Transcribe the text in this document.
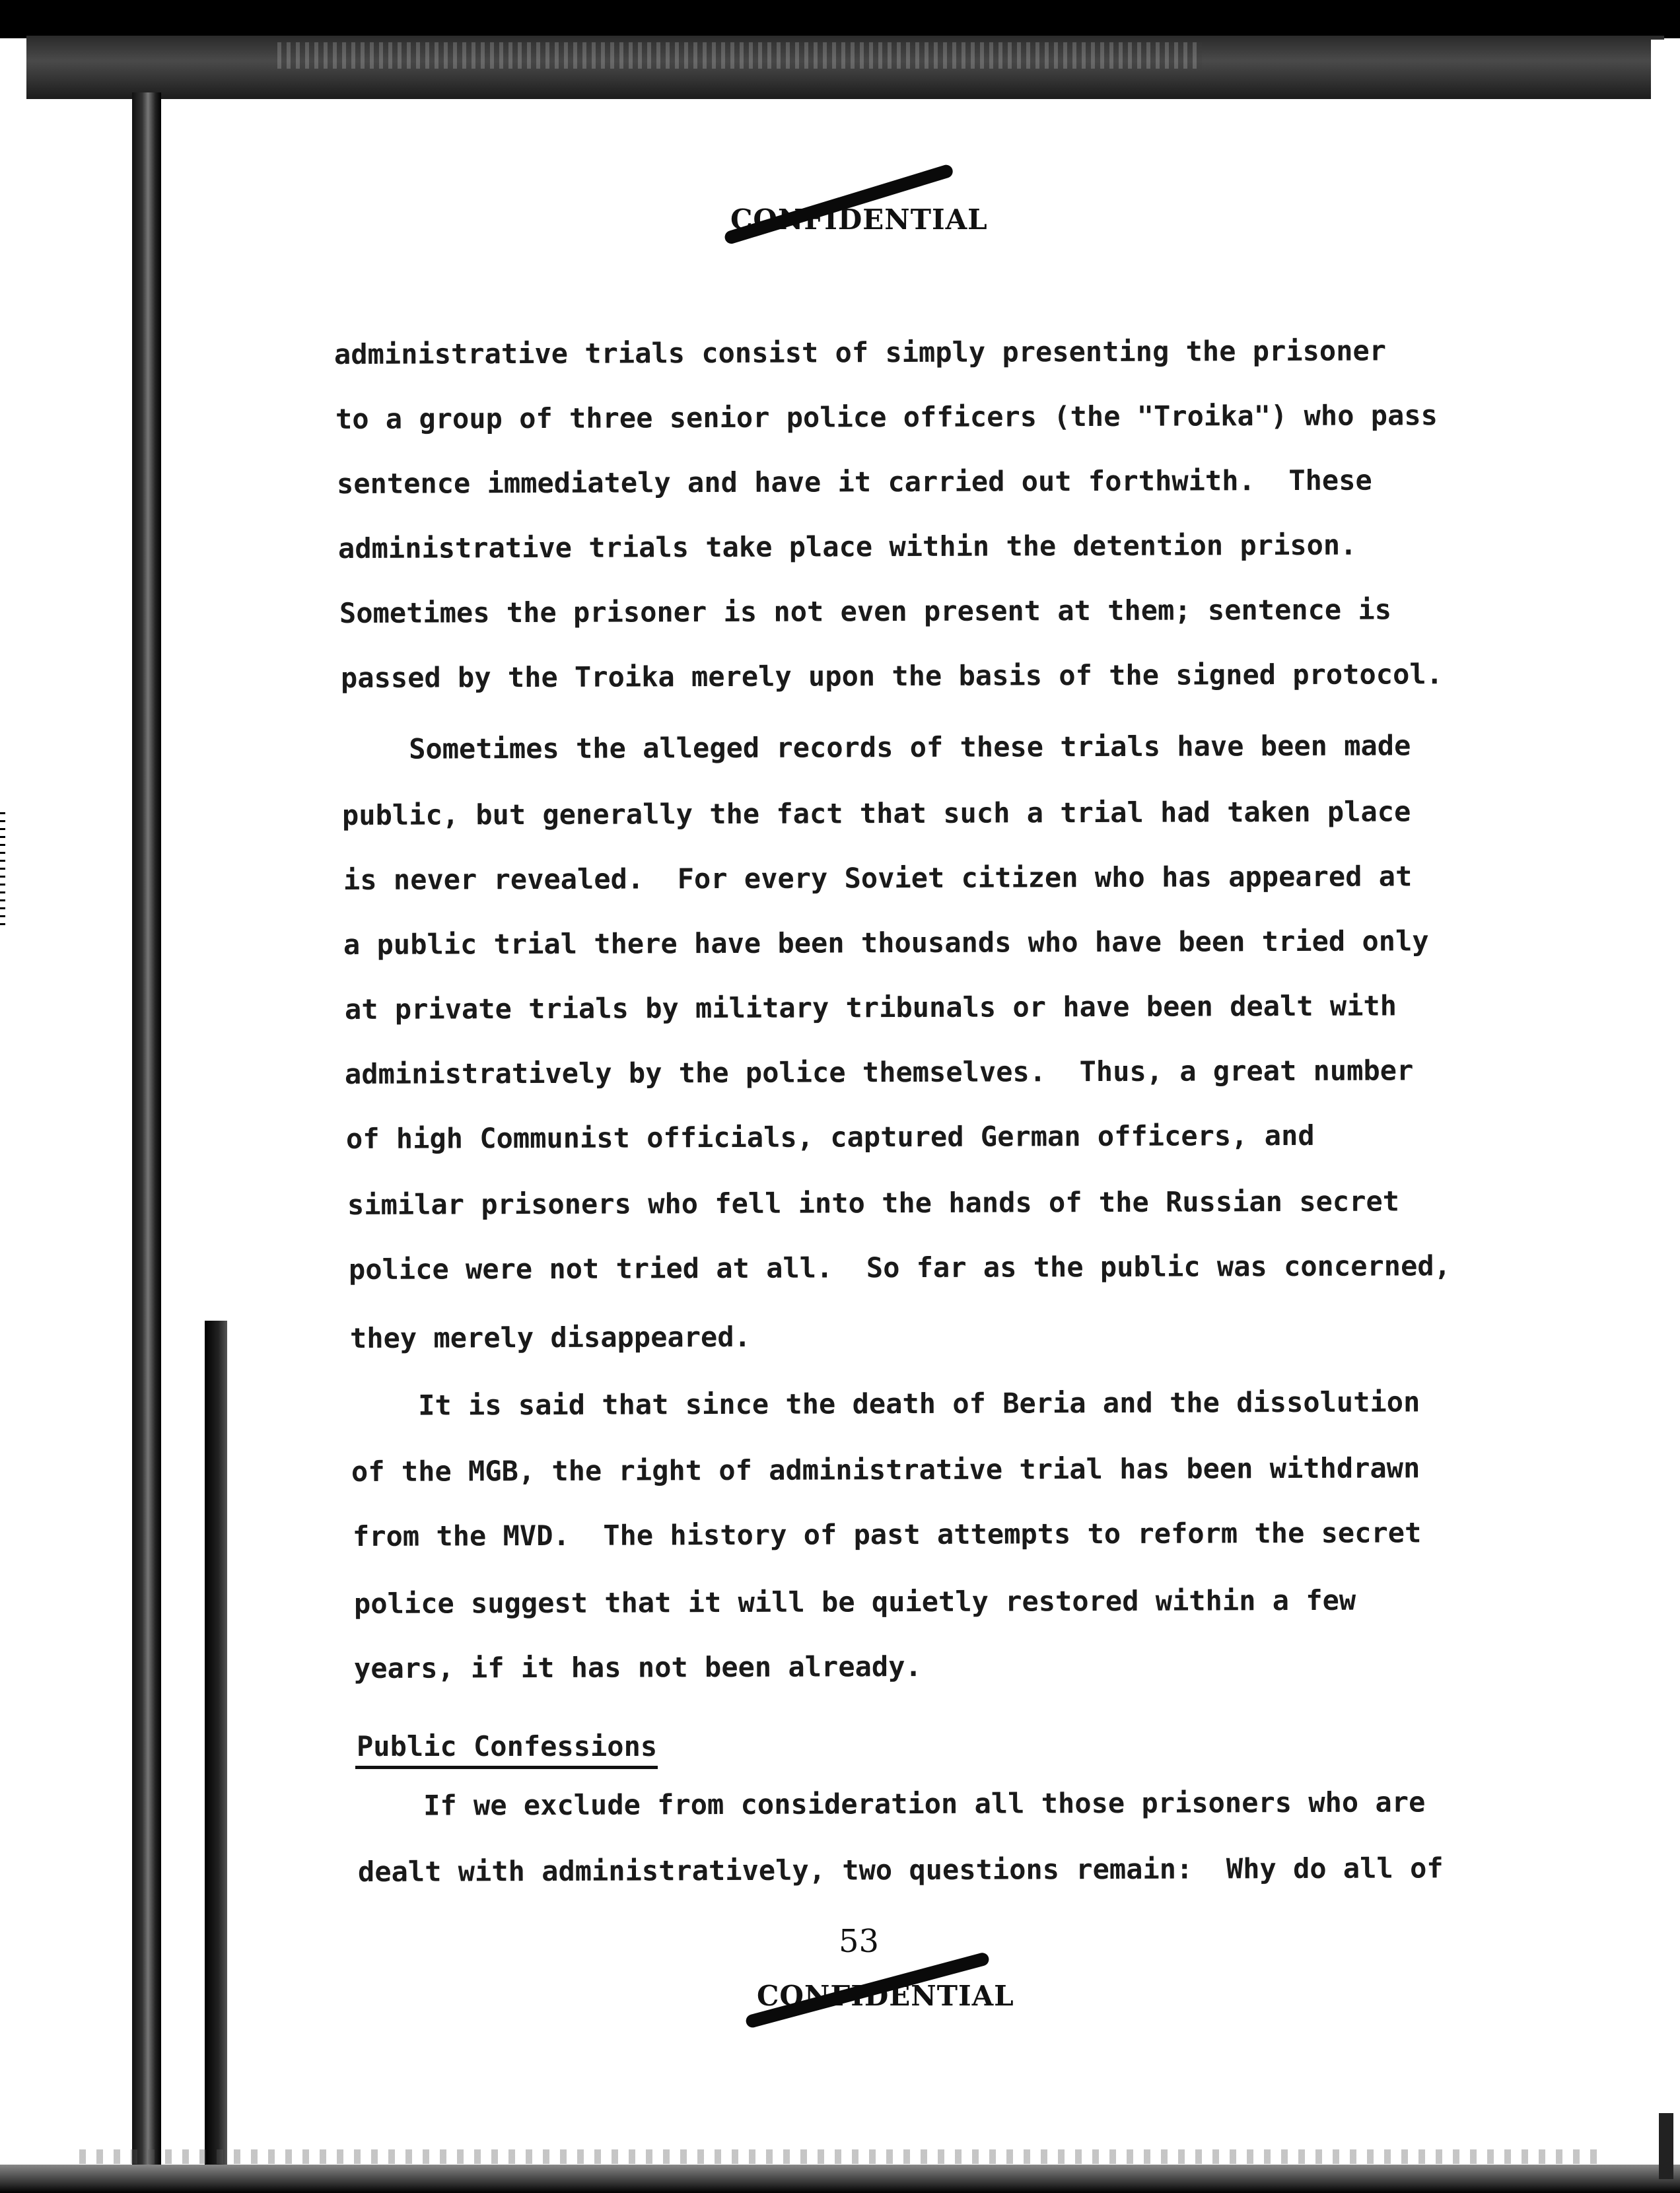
CONFIDENTIAL
administrative trials consist of simply presenting the prisoner
to a group of three senior police officers (the "Troika") who pass
sentence immediately and have it carried out forthwith.  These
administrative trials take place within the detention prison.
Sometimes the prisoner is not even present at them; sentence is
passed by the Troika merely upon the basis of the signed protocol.
Sometimes the alleged records of these trials have been made
public, but generally the fact that such a trial had taken place
is never revealed.  For every Soviet citizen who has appeared at
a public trial there have been thousands who have been tried only
at private trials by military tribunals or have been dealt with
administratively by the police themselves.  Thus, a great number
of high Communist officials, captured German officers, and
similar prisoners who fell into the hands of the Russian secret
police were not tried at all.  So far as the public was concerned,
they merely disappeared.
It is said that since the death of Beria and the dissolution
of the MGB, the right of administrative trial has been withdrawn
from the MVD.  The history of past attempts to reform the secret
police suggest that it will be quietly restored within a few
years, if it has not been already.
Public Confessions
If we exclude from consideration all those prisoners who are
dealt with administratively, two questions remain:  Why do all of
53
CONFIDENTIAL
